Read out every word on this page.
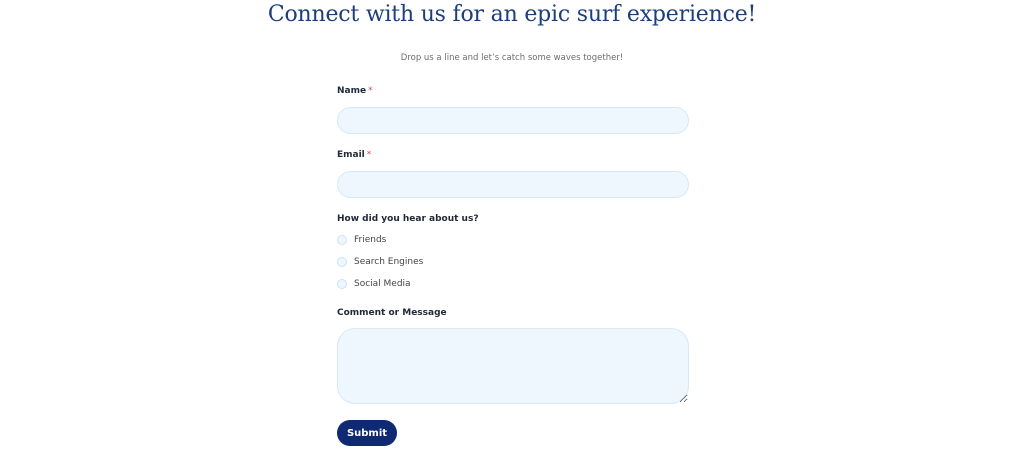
Connect with us for an epic surf experience!
Drop us a line and let’s catch some waves together!
Name *
Email *
How did you hear about us?
Friends
Search Engines
Social Media
Comment or Message
Submit
